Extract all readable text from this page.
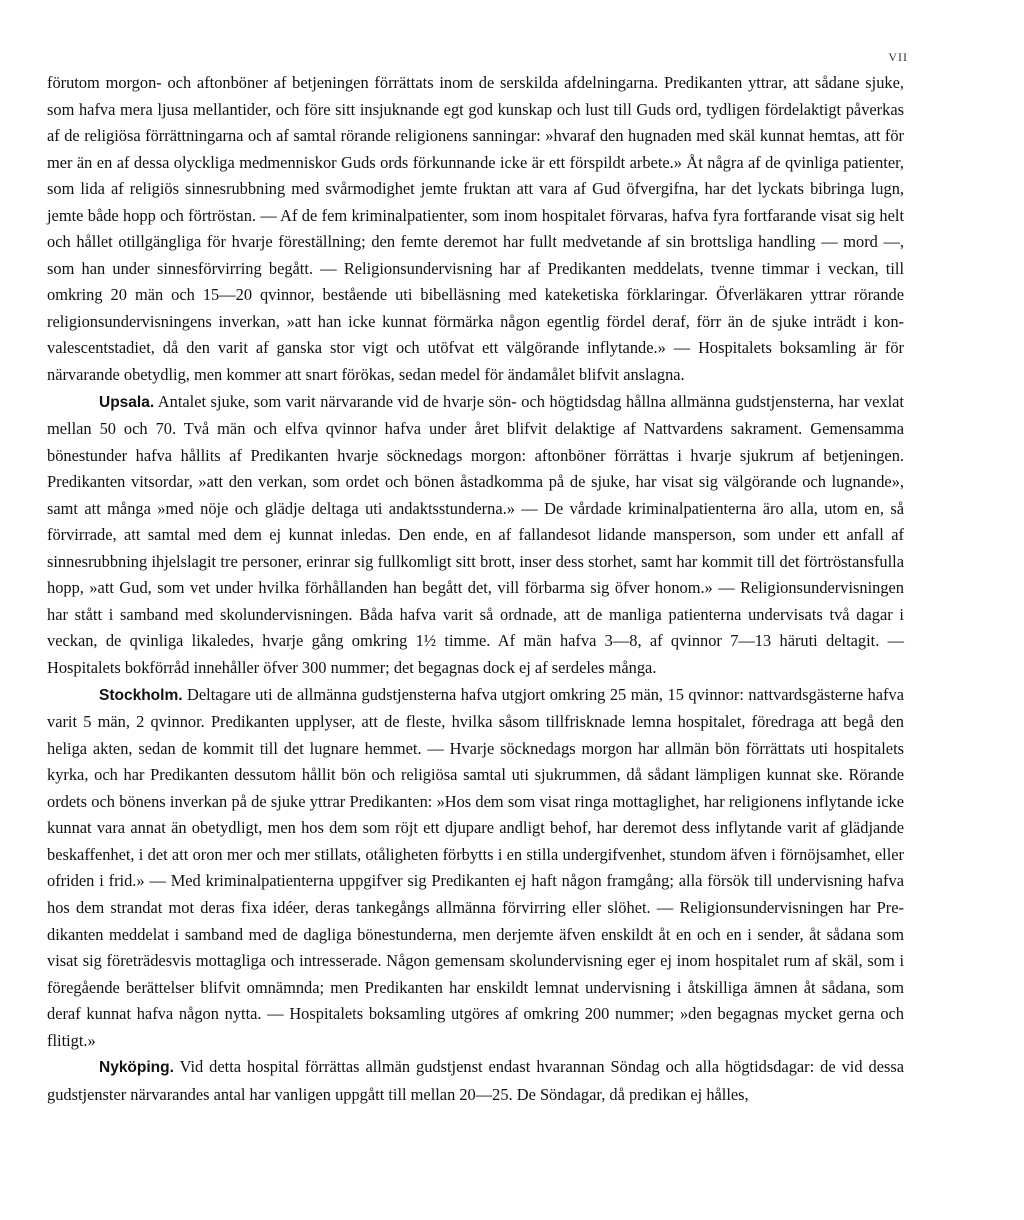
VII

förutom morgon- och aftonböner af betjeningen förrättats inom de serskilda afdelningarna. Predikanten yttrar, att sådane sjuke, som hafva mera ljusa mellantider, och före sitt insjuknande egt god kunskap och lust till Guds ord, tydligen fördelaktigt påverkas af de religiösa förrättningarna och af samtal rörande religionens sanningar: »hvaraf den hugnaden med skäl kunnat hemtas, att för mer än en af dessa olyckliga medmenniskor Guds ords förkunnande icke är ett förspildt arbete.» Åt några af de qvinliga patienter, som lida af religiös sinnesrubbning med svårmodighet jemte fruktan att vara af Gud öfvergifna, har det lyckats bibringa lugn, jemte både hopp och förtröstan. — Af de fem kriminalpatienter, som inom hospitalet förvaras, hafva fyra fortfarande visat sig helt och hållet otillgängliga för hvarje föreställning; den femte deremot har fullt medvetande af sin brottsliga handling — mord —, som han under sinnesförvirring begått. — Religionsundervisning har af Predikanten meddelats, tvenne timmar i veckan, till omkring 20 män och 15—20 qvinnor, bestående uti bibelläsning med kateketiska förklaringar. Öfverläkaren yttrar rörande religionsundervisningens inverkan, »att han icke kunnat förmärka någon egentlig fördel deraf, förr än de sjuke inträdt i konvalescentstadiet, då den varit af ganska stor vigt och utöfvat ett välgörande inflytande.» — Hospitalets boksamling är för närvarande obetydlig, men kommer att snart förökas, sedan medel för ändamålet blifvit anslagna.

Upsala. Antalet sjuke, som varit närvarande vid de hvarje sön- och högtidsdag hållna allmänna gudstjensterna, har vexlat mellan 50 och 70. Två män och elfva qvinnor hafva under året blifvit delaktige af Nattvardens sakrament. Gemensamma bönestunder hafva hållits af Predikanten hvarje söcknedags morgon: aftonböner förrättas i hvarje sjukrum af betjeningen. Predikanten vitsordar, »att den verkan, som ordet och bönen åstadkomma på de sjuke, har visat sig välgörande och lugnande», samt att många »med nöje och glädje deltaga uti andaktsstunderna.» — De vårdade kriminalpatienterna äro alla, utom en, så förvirrade, att samtal med dem ej kunnat inledas. Den ende, en af fallandesot lidande mansperson, som under ett anfall af sinnesrubbning ihjelslagit tre personer, erinrar sig fullkomligt sitt brott, inser dess storhet, samt har kommit till det förtröstansfulla hopp, »att Gud, som vet under hvilka förhållanden han begått det, vill förbarma sig öfver honom.» — Religionsundervisningen har stått i samband med skolundervisningen. Båda hafva varit så ordnade, att de manliga patienterna undervisats två dagar i veckan, de qvinliga likaledes, hvarje gång omkring 1½ timme. Af män hafva 3—8, af qvinnor 7—13 häruti deltagit. — Hospitalets bokförråd innehåller öfver 300 nummer; det begagnas dock ej af serdeles många.

Stockholm. Deltagare uti de allmänna gudstjensterna hafva utgjort omkring 25 män, 15 qvinnor: nattvardsgästerne hafva varit 5 män, 2 qvinnor. Predikanten upplyser, att de fleste, hvilka såsom tillfrisknade lemna hospitalet, föredraga att begå den heliga akten, sedan de kommit till det lugnare hemmet. — Hvarje söcknedags morgon har allmän bön förrättats uti hospitalets kyrka, och har Predikanten dessutom hållit bön och religiösa samtal uti sjukrummen, då sådant lämpligen kunnat ske. Rörande ordets och bönens inverkan på de sjuke yttrar Predikanten: »Hos dem som visat ringa mottaglighet, har religionens inflytande icke kunnat vara annat än obetydligt, men hos dem som röjt ett djupare andligt behof, har deremot dess inflytande varit af glädjande beskaffenhet, i det att oron mer och mer stillats, otåligheten förbytts i en stilla undergifvenhet, stundom äfven i förnöjsamhet, eller ofriden i frid.» — Med kriminalpatienterna uppgifver sig Predikanten ej haft någon framgång; alla försök till undervisning hafva hos dem strandat mot deras fixa idéer, deras tankegångs allmänna förvirring eller slöhet. — Religionsundervisningen har Predikanten meddelat i samband med de dagliga bönestunderna, men derjemte äfven enskildt åt en och en i sender, åt sådana som visat sig företrädesvis mottagliga och intresserade. Någon gemensam skolundervisning eger ej inom hospitalet rum af skäl, som i föregående berättelser blifvit omnämnda; men Predikanten har enskildt lemnat undervisning i åtskilliga ämnen åt sådana, som deraf kunnat hafva någon nytta. — Hospitalets boksamling utgöres af omkring 200 nummer; »den begagnas mycket gerna och flitigt.»

Nyköping. Vid detta hospital förrättas allmän gudstjenst endast hvarannan Söndag och alla högtidsdagar: de vid dessa gudstjenster närvarandes antal har vanligen uppgått till mellan 20—25. De Söndagar, då predikan ej hålles,
